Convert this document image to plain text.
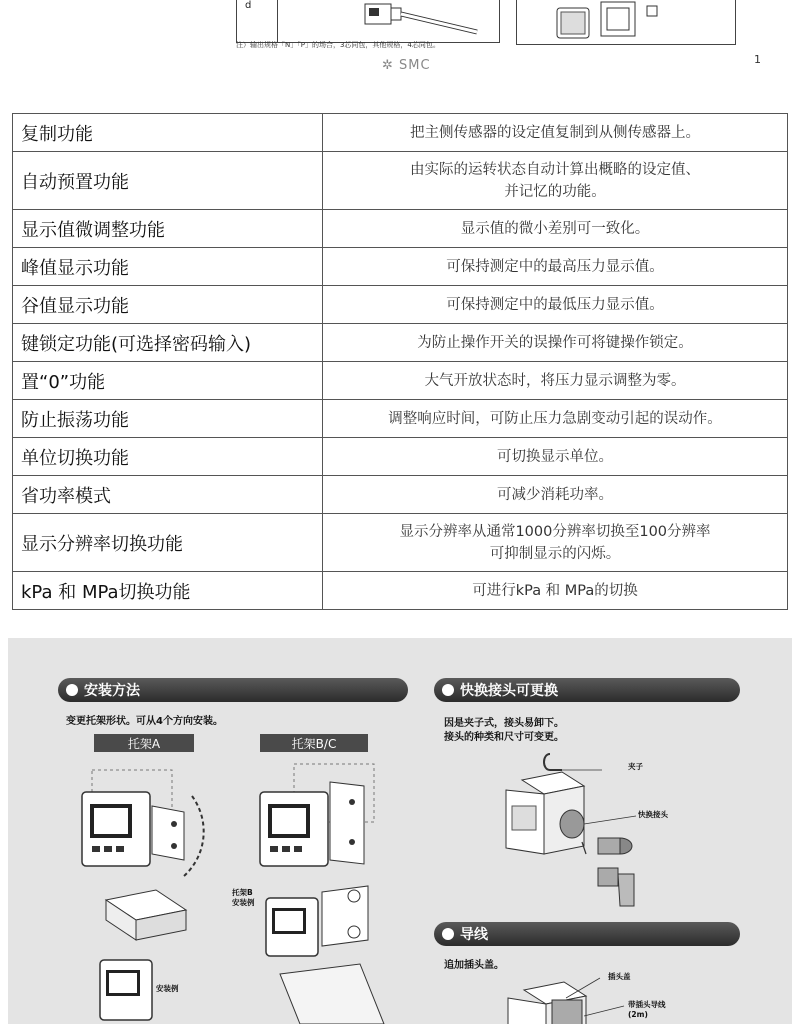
d
注）输出规格「N」「P」的场合，3芯同包，其他规格，4芯同包。
✲ SMC	1
复制功能	把主侧传感器的设定值复制到从侧传感器上。

自动预置功能	由实际的运转状态自动计算出概略的设定值、
并记忆的功能。

显示值微调整功能	显示值的微小差别可一致化。

峰值显示功能	可保持测定中的最高压力显示值。

谷值显示功能	可保持测定中的最低压力显示值。

键锁定功能(可选择密码输入)	为防止操作开关的误操作可将键操作锁定。

置“0”功能	大气开放状态时，将压力显示调整为零。

防止振荡功能	调整响应时间，可防止压力急剧变动引起的误动作。

单位切换功能	可切换显示单位。

省功率模式	可减少消耗功率。

显示分辨率切换功能	显示分辨率从通常1000分辨率切换至100分辨率
可抑制显示的闪烁。

kPa 和 MPa切换功能	可进行kPa 和 MPa的切换
安装方法
变更托架形状。可从4个方向安装。
托架A	托架B/C
安装例
托架B
安装例
快换接头可更换
因是夹子式，接头易卸下。
接头的种类和尺寸可变更。
夹子
快换接头
导线
追加插头盖。
插头盖
带插头导线
(2m)
